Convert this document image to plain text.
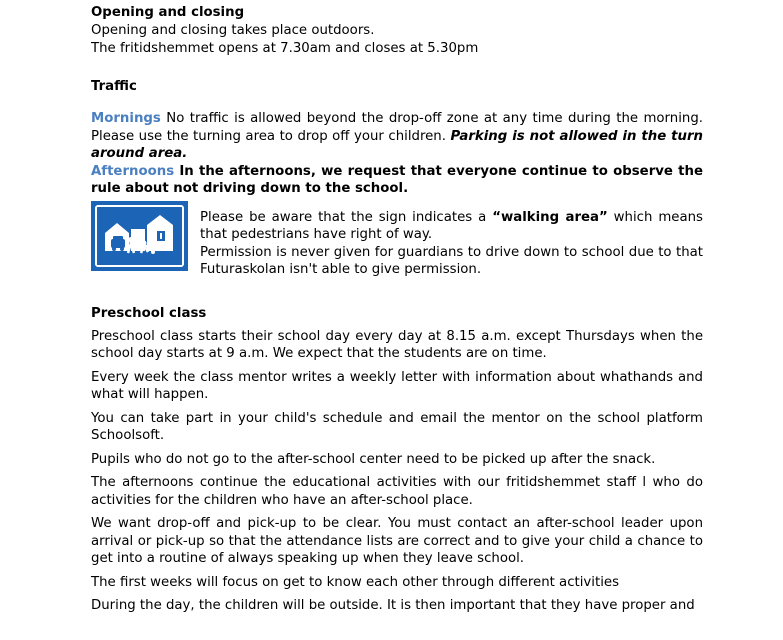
Opening and closing

Opening and closing takes place outdoors.

The fritidshemmet opens at 7.30am and closes at 5.30pm

Traffic

Mornings No traffic is allowed beyond the drop-off zone at any time during the morning. Please use the turning area to drop off your children. Parking is not allowed in the turn around area.

Afternoons In the afternoons, we request that everyone continue to observe the rule about not driving down to the school.

Please be aware that the sign indicates a “walking area” which means that pedestrians have right of way.

Permission is never given for guardians to drive down to school due to that Futuraskolan isn't able to give permission.

Preschool class

Preschool class starts their school day every day at 8.15 a.m. except Thursdays when the school day starts at 9 a.m. We expect that the students are on time.

Every week the class mentor writes a weekly letter with information about whathands and what will happen.

You can take part in your child's schedule and email the mentor on the school platform Schoolsoft.

Pupils who do not go to the after-school center need to be picked up after the snack.

The afternoons continue the educational activities with our fritidshemmet staff l who do activities for the children who have an after-school place.

We want drop-off and pick-up to be clear. You must contact an after-school leader upon arrival or pick-up so that the attendance lists are correct and to give your child a chance to get into a routine of always speaking up when they leave school.

The first weeks will focus on get to know each other through different activities

During the day, the children will be outside. It is then important that they have proper and
